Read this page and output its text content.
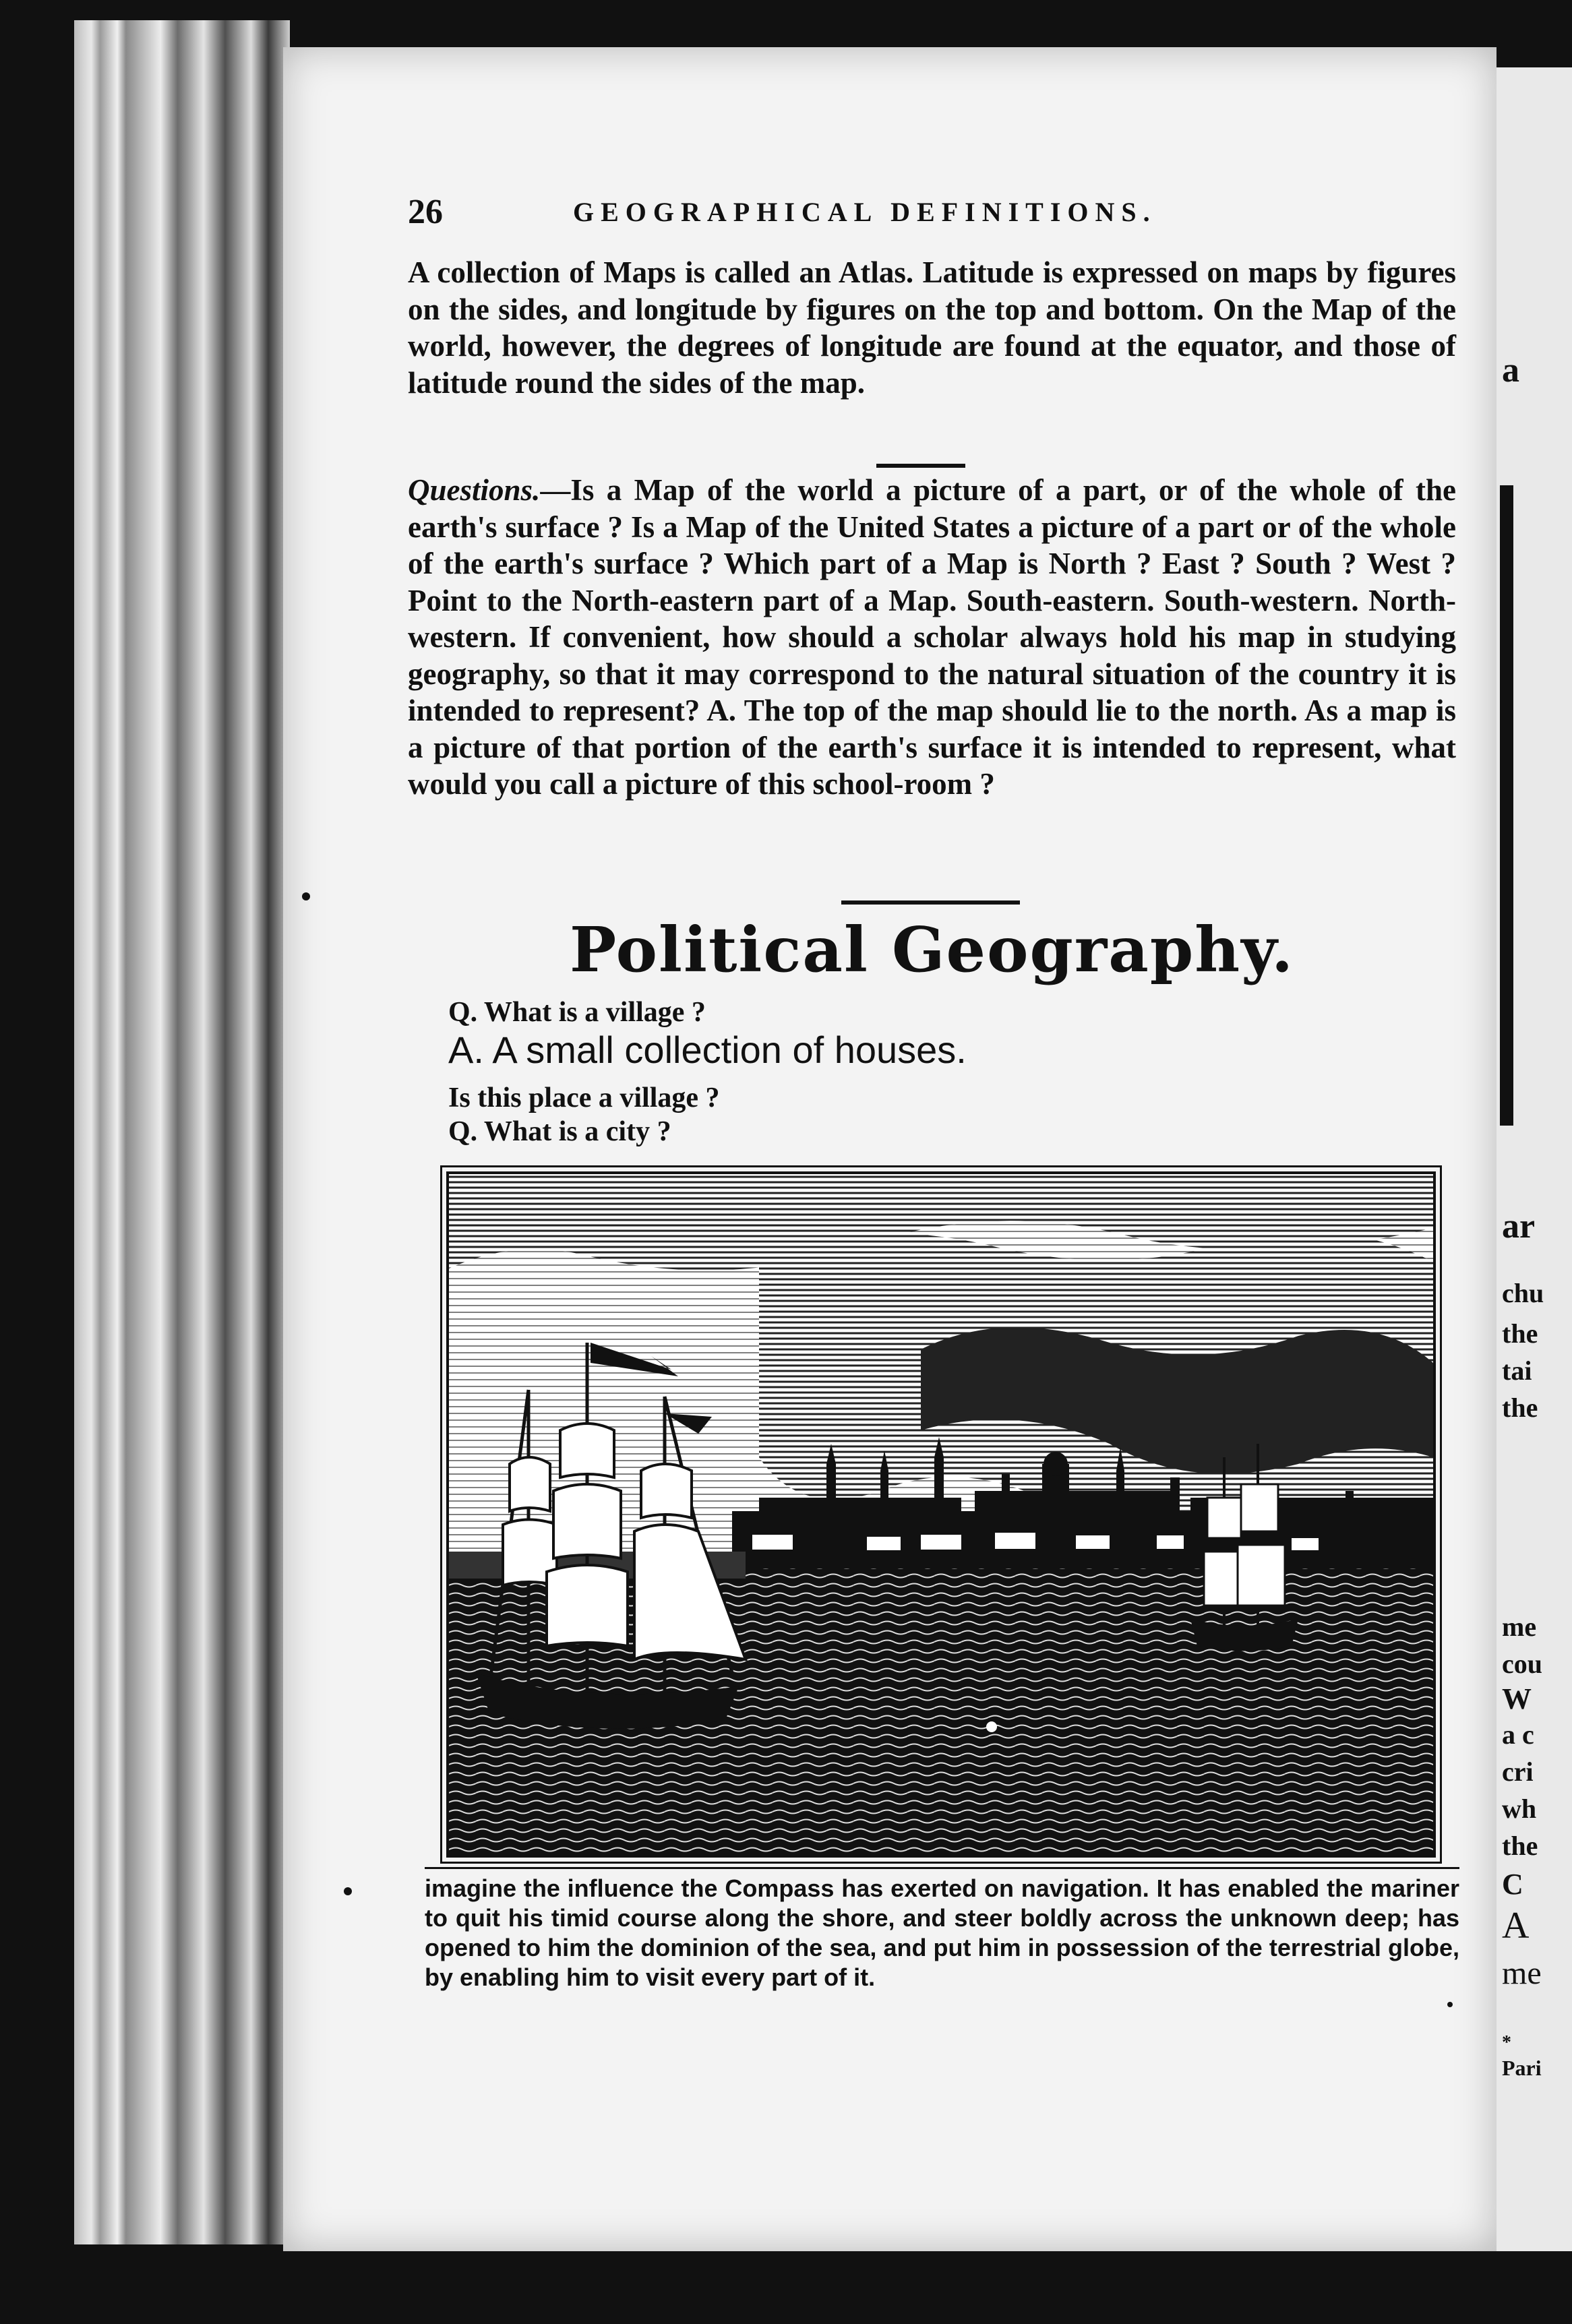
a
ar
chu
the
tai
the
me
cou
W
a c
cri
wh
the
C
A
me
*
Pari
26	GEOGRAPHICAL DEFINITIONS.
A collection of Maps is called an Atlas. Latitude is expressed on maps by figures on the sides, and longitude by figures on the top and bottom. On the Map of the world, however, the degrees of longitude are found at the equator, and those of latitude round the sides of the map.
Questions.—Is a Map of the world a picture of a part, or of the whole of the earth's surface ? Is a Map of the United States a picture of a part or of the whole of the earth's surface ? Which part of a Map is North ? East ? South ? West ? Point to the North-eastern part of a Map. South-eastern. South-western. North-western. If convenient, how should a scholar always hold his map in studying geography, so that it may correspond to the natural situation of the country it is intended to represent? A. The top of the map should lie to the north. As a map is a picture of that portion of the earth's surface it is intended to represent, what would you call a picture of this school-room ?
Political Geography.
Q. What is a village ?
A. A small collection of houses.
Is this place a village ?
Q. What is a city ?
imagine the influence the Compass has exerted on navigation. It has enabled the mariner to quit his timid course along the shore, and steer boldly across the unknown deep; has opened to him the dominion of the sea, and put him in possession of the terrestrial globe, by enabling him to visit every part of it.
